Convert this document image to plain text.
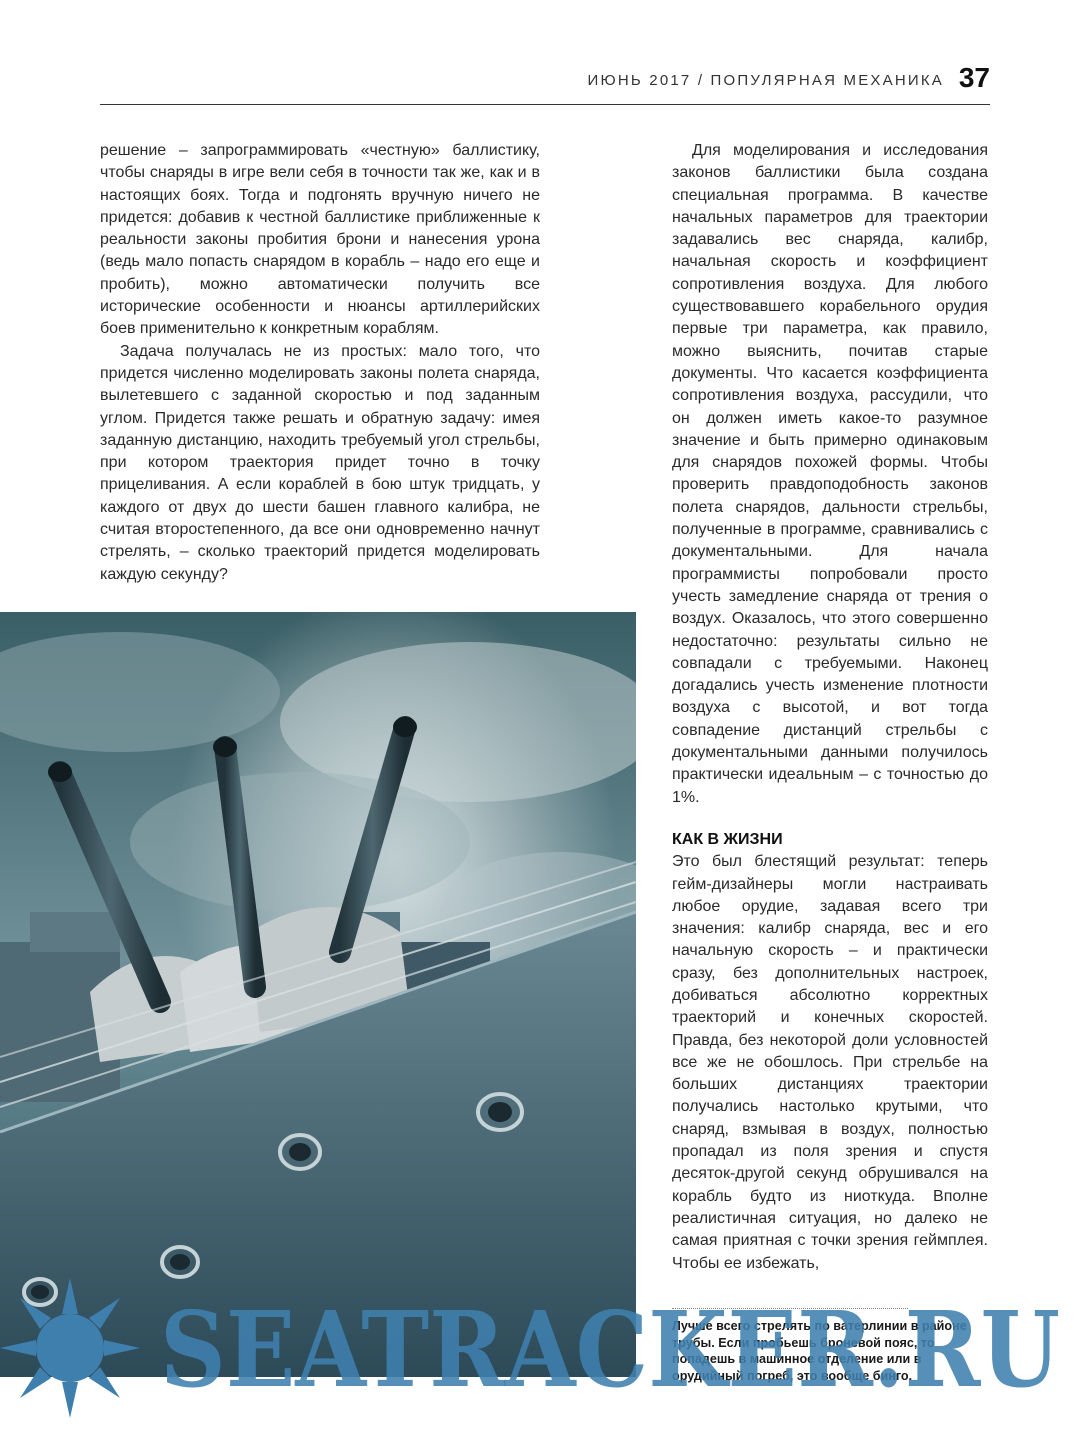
ИЮНЬ 2017 / ПОПУЛЯРНАЯ МЕХАНИКА 37

решение – запрограммировать «честную» баллистику, чтобы снаряды в игре вели себя в точности так же, как и в настоящих боях. Тогда и подгонять вручную ничего не придется: добавив к честной баллистике приближенные к реальности законы пробития брони и нанесения урона (ведь мало попасть снарядом в корабль – надо его еще и пробить), можно автоматически получить все исторические особенности и нюансы артиллерийских боев применительно к конкретным кораблям.

Задача получалась не из простых: мало того, что придется численно моделировать законы полета снаряда, вылетевшего с заданной скоростью и под заданным углом. Придется также решать и обратную задачу: имея заданную дистанцию, находить требуемый угол стрельбы, при котором траектория придет точно в точку прицеливания. А если кораблей в бою штук тридцать, у каждого от двух до шести башен главного калибра, не считая второстепенного, да все они одновременно начнут стрелять, – сколько траекторий придется моделировать каждую секунду?

Для моделирования и исследования законов баллистики была создана специальная программа. В качестве начальных параметров для траектории задавались вес снаряда, калибр, начальная скорость и коэффициент сопротивления воздуха. Для любого существовавшего корабельного орудия первые три параметра, как правило, можно выяснить, почитав старые документы. Что касается коэффициента сопротивления воздуха, рассудили, что он должен иметь какое-то разумное значение и быть примерно одинаковым для снарядов похожей формы. Чтобы проверить правдоподобность законов полета снарядов, дальности стрельбы, полученные в программе, сравнивались с документальными. Для начала программисты попробовали просто учесть замедление снаряда от трения о воздух. Оказалось, что этого совершенно недостаточно: результаты сильно не совпадали с требуемыми. Наконец догадались учесть изменение плотности воздуха с высотой, и вот тогда совпадение дистанций стрельбы с документальными данными получилось практически идеальным – с точностью до 1%.

КАК В ЖИЗНИ

Это был блестящий результат: теперь гейм-дизайнеры могли настраивать любое орудие, задавая всего три значения: калибр снаряда, вес и его начальную скорость – и практически сразу, без дополнительных настроек, добиваться абсолютно корректных траекторий и конечных скоростей. Правда, без некоторой доли условностей все же не обошлось. При стрельбе на больших дистанциях траектории получались настолько крутыми, что снаряд, взмывая в воздух, полностью пропадал из поля зрения и спустя десяток-другой секунд обрушивался на корабль будто из ниоткуда. Вполне реалистичная ситуация, но далеко не самая приятная с точки зрения геймплея. Чтобы ее избежать,

Лучше всего стрелять по ватерлинии в районе трубы. Если пробьешь броневой пояс, то попадешь в машинное отделение или в орудийный погреб, это вообще бинго.
SEATRACKER.RU
